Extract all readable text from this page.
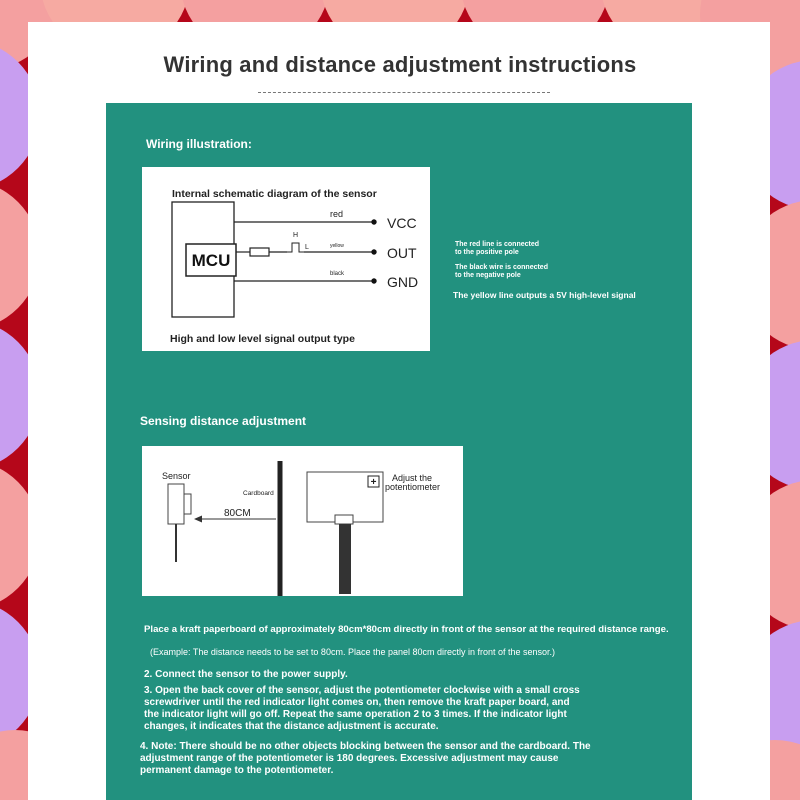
Wiring and distance adjustment instructions
Wiring illustration:
MCU
H
L
red
yellow
black
VCC
OUT
GND
Internal schematic diagram of the sensor
High and low level signal output type
The red line is connected
to the positive pole
The black wire is connected
to the negative pole
The yellow line outputs a 5V high-level signal
Sensing distance adjustment
Sensor
Cardboard
80CM
+ Adjust the
potentiometer
Place a kraft paperboard of approximately 80cm*80cm directly in front of the sensor at the required distance range.
(Example: The distance needs to be set to 80cm. Place the panel 80cm directly in front of the sensor.)
2. Connect the sensor to the power supply.
3. Open the back cover of the sensor, adjust the potentiometer clockwise with a small cross
screwdriver until the red indicator light comes on, then remove the kraft paper board, and
the indicator light will go off. Repeat the same operation 2 to 3 times. If the indicator light
changes, it indicates that the distance adjustment is accurate.
4. Note: There should be no other objects blocking between the sensor and the cardboard. The
adjustment range of the potentiometer is 180 degrees. Excessive adjustment may cause
permanent damage to the potentiometer.
